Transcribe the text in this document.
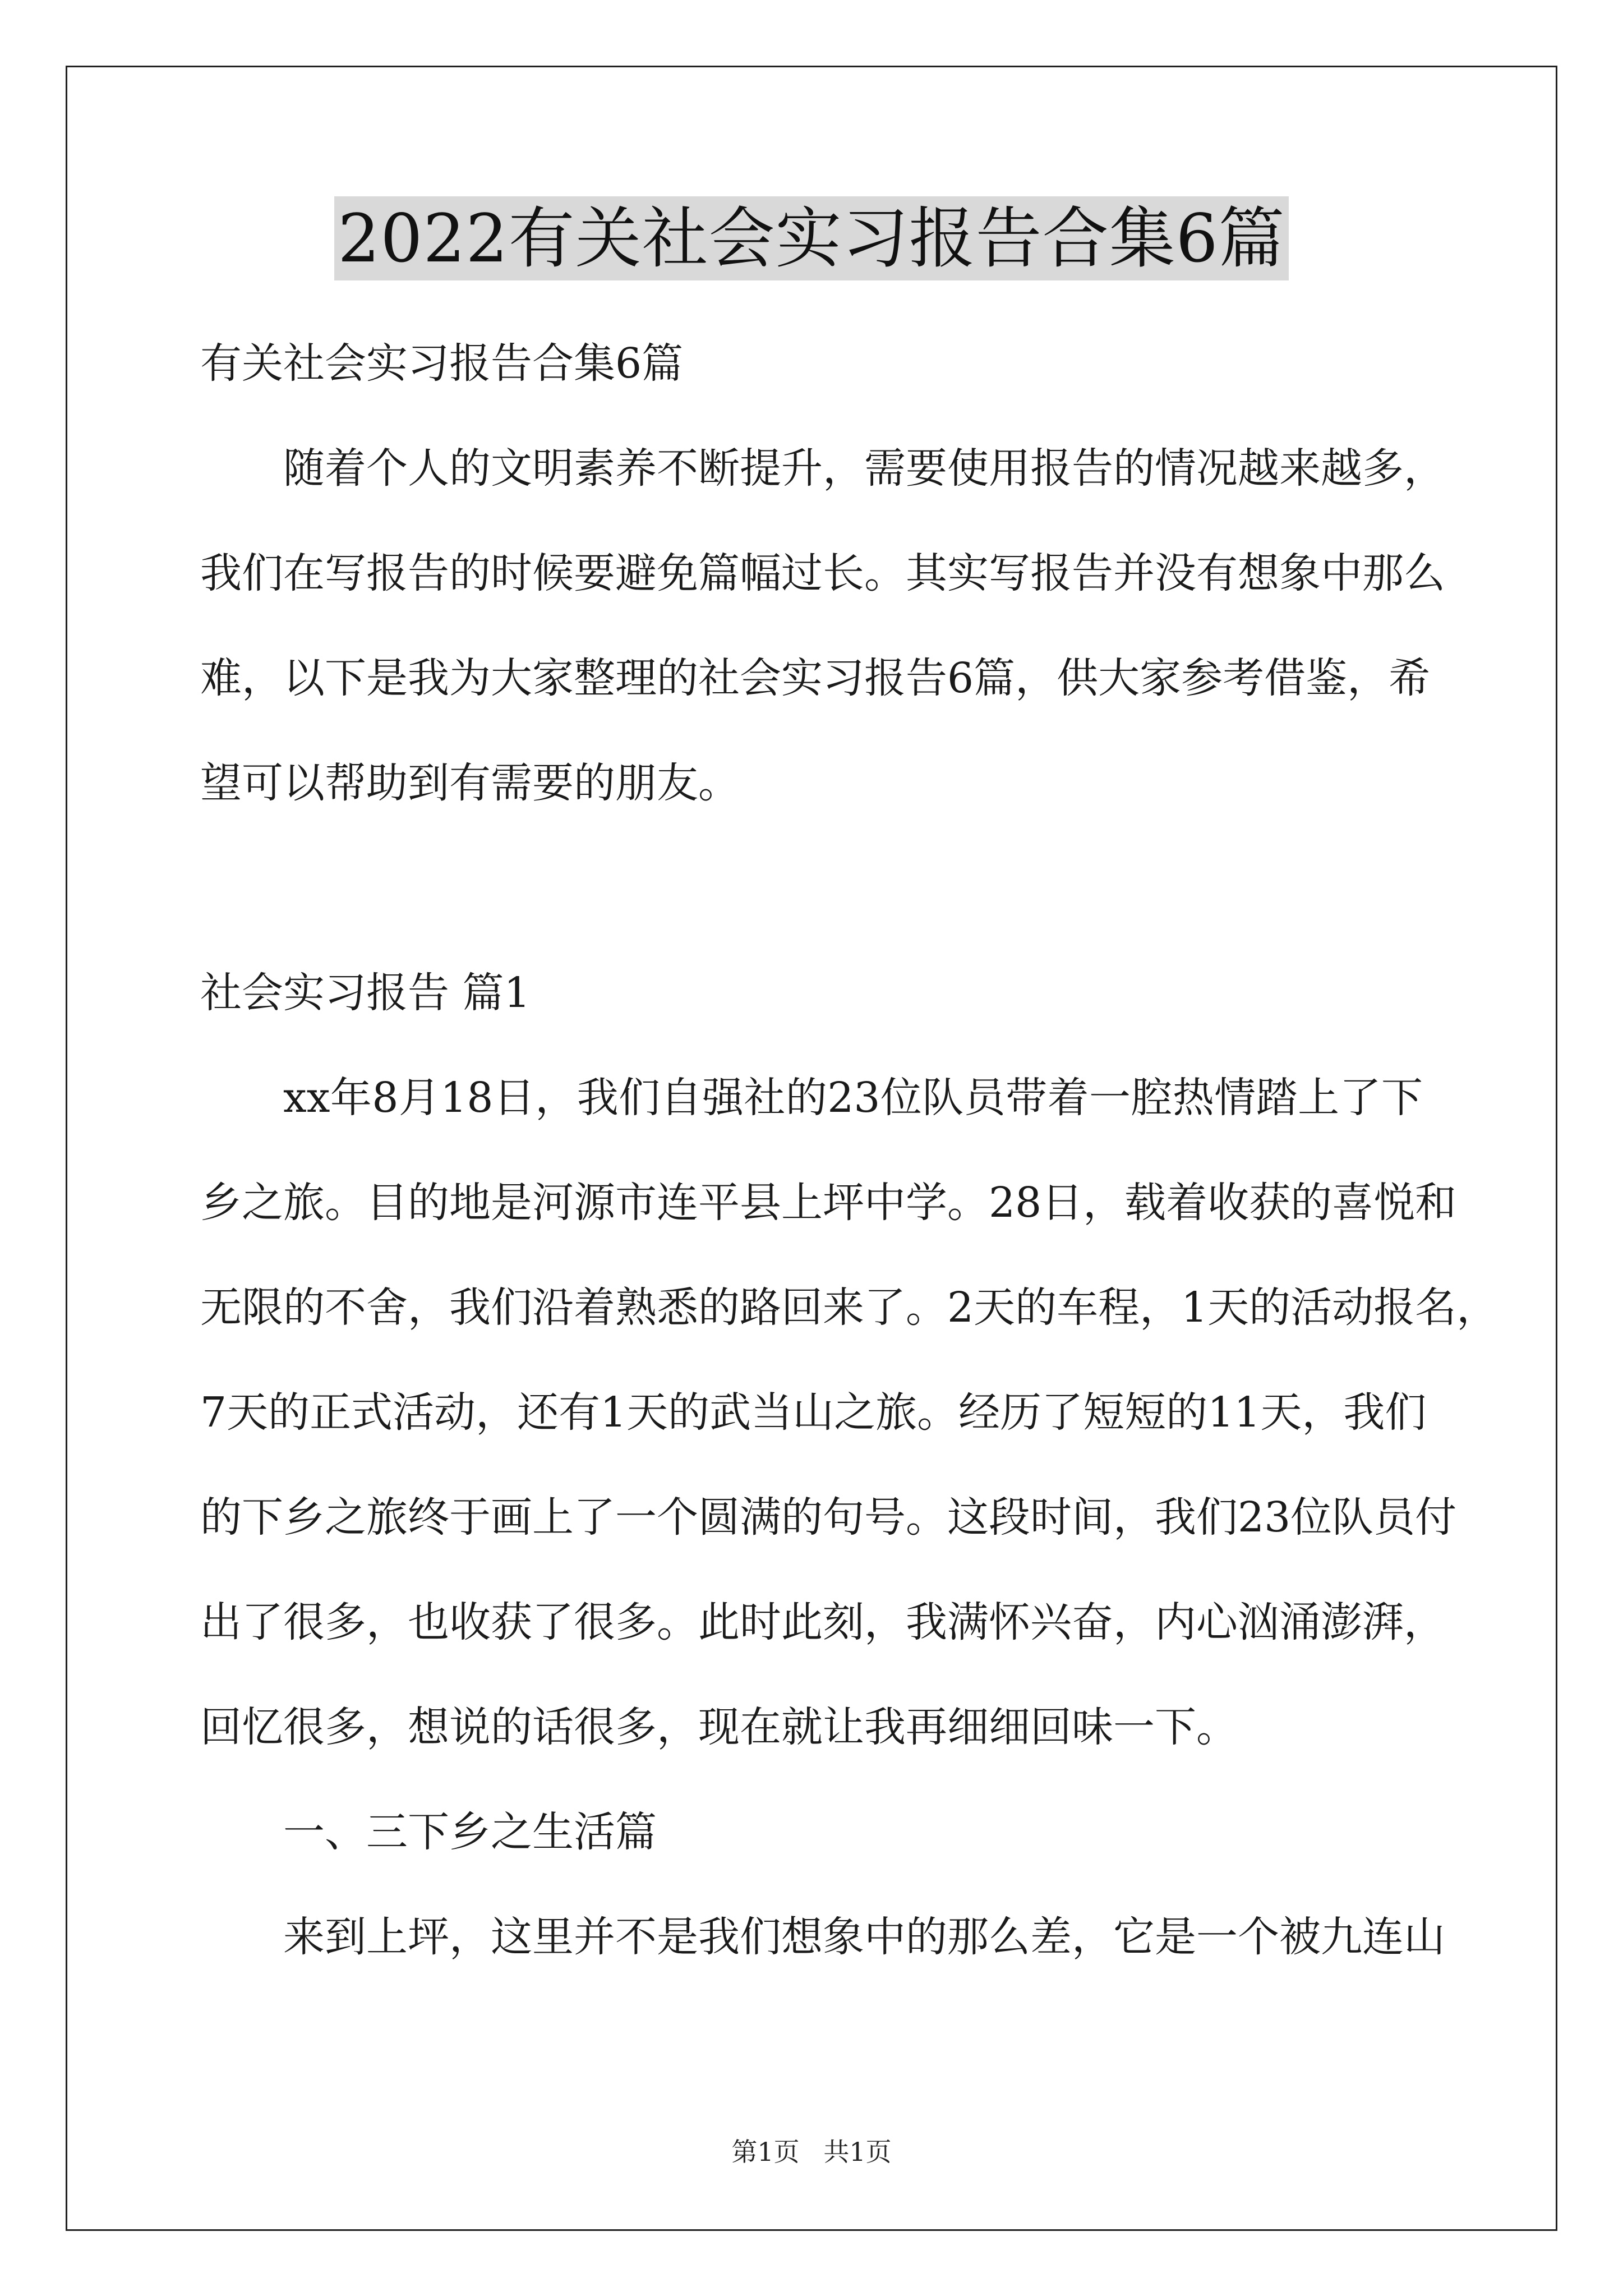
2022有关社会实习报告合集6篇
有关社会实习报告合集6篇
随着个人的文明素养不断提升，需要使用报告的情况越来越多，
我们在写报告的时候要避免篇幅过长。其实写报告并没有想象中那么
难，以下是我为大家整理的社会实习报告6篇，供大家参考借鉴，希
望可以帮助到有需要的朋友。
社会实习报告 篇1
xx年8月18日，我们自强社的23位队员带着一腔热情踏上了下
乡之旅。目的地是河源市连平县上坪中学。28日，载着收获的喜悦和
无限的不舍，我们沿着熟悉的路回来了。2天的车程，1天的活动报名，
7天的正式活动，还有1天的武当山之旅。经历了短短的11天，我们
的下乡之旅终于画上了一个圆满的句号。这段时间，我们23位队员付
出了很多，也收获了很多。此时此刻，我满怀兴奋，内心汹涌澎湃，
回忆很多，想说的话很多，现在就让我再细细回味一下。
一、三下乡之生活篇
来到上坪，这里并不是我们想象中的那么差，它是一个被九连山
第1页 共1页
